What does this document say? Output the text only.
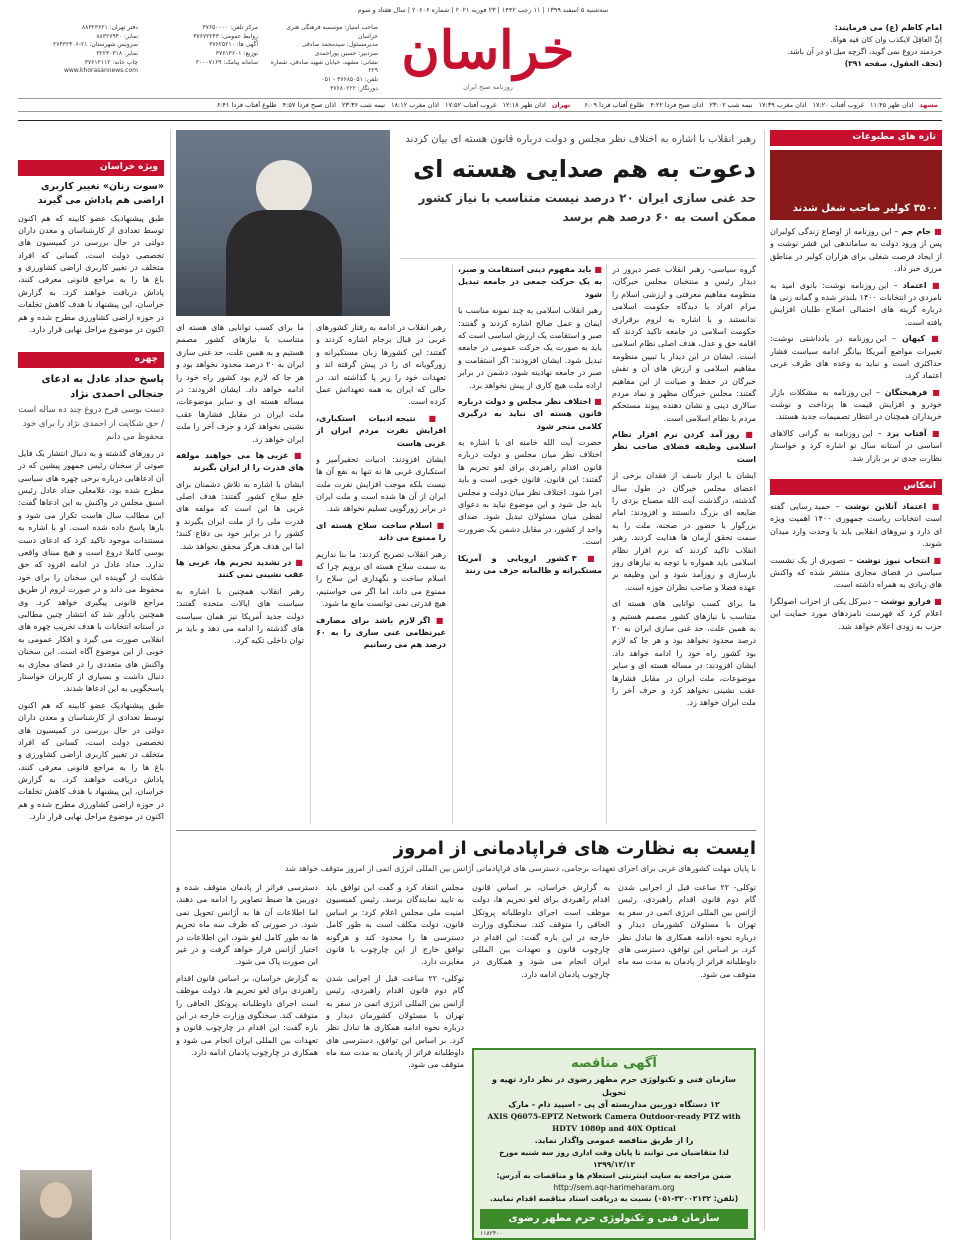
سه‌شنبه ۵ اسفند ۱۳۹۹ | ۱۱ رجب ۱۴۴۲ | ۲۳ فوریه ۲۰۲۱ | شماره ۲۰۶۰۶ | سال هفتاد و سوم
امام کاظم (ع) می فرمایند:
اِنَّ العاقِلَ لایکذب وان کان فیه هواهُ.
خردمند دروغ نمی گوید، اگرچه میل او در آن باشد.
(تحف العقول، صفحه ۳۹۱)
خراسان
روزنامه صبح ایران
صاحب امتیاز: موسسه فرهنگی هنری خراسان
مدیرمسئول: سیدمحمد صادقی
سردبیر: حسین پوراحمدی
نشانی: مشهد، خیابان شهید صادقی، شماره ۲۲۹
تلفن: ۳۷۶۸۵۰۵۱ - ۰۵۱
دورنگار: ۳۷۶۸۰۲۲۲
مرکز تلفن: ۳۷۶۵۰۰۰۰
روابط عمومی: ۳۷۶۷۲۲۴۳
آگهی ها: ۳۷۶۲۵۲۱۰
توزیع: ۳۷۶۱۳۶۰۱
سامانه پیامک: ۳۰۰۰۷۱۶۹
دفتر تهران: ۸۸۳۲۳۶۲۱
نمابر: ۸۸۳۲۷۹۴۰
سرویس شهرستان: ۲۱-۲۷۴۳۲۴۰۶
نمابر: ۳۲۲۳۰۳۱۸
چاپ خانه: ۳۷۶۱۲۱۱۲
www.khorasannews.com
مشهد
اذان ظهر ۱۱:۴۵
غروب آفتاب ۱۷:۲۰
اذان مغرب ۱۷:۳۹
نیمه شب ۲۳:۰۲
اذان صبح فردا ۴:۲۲
طلوع آفتاب فردا ۶:۰۹
تهران
اذان ظهر ۱۲:۱۸
غروب آفتاب ۱۷:۵۲
اذان مغرب ۱۸:۱۲
نیمه شب ۲۳:۳۶
اذان صبح فردا ۴:۵۷
طلوع آفتاب فردا ۶:۴۱
تازه های مطبوعات
۳۵۰۰ کولیر صاحب شغل شدند

■ جام جم – این روزنامه از اوضاع زندگی کولبران پس از ورود دولت به ساماندهی این قشر نوشت و از ایجاد فرصت شغلی برای هزاران کولبر در مناطق مرزی خبر داد.

■ اعتماد – این روزنامه نوشت: بانوی امید به نامزدی در انتخابات ۱۴۰۰ بلندتر شده و گمانه زنی ها درباره گزینه های احتمالی اصلاح طلبان افزایش یافته است.

■ کیهان – این روزنامه در یادداشتی نوشت: تغییرات مواضع آمریکا بیانگر ادامه سیاست فشار حداکثری است و نباید به وعده های طرف غربی اعتماد کرد.

■ فرهیختگان – این روزنامه به مشکلات بازار خودرو و افزایش قیمت ها پرداخت و نوشت خریداران همچنان در انتظار تصمیمات جدید هستند.

■ آفتاب یزد – این روزنامه به گرانی کالاهای اساسی در آستانه سال نو اشاره کرد و خواستار نظارت جدی تر بر بازار شد.

انعکاس

■ اعتماد آنلاین نوشت – حمید رسایی گفته است انتخابات ریاست جمهوری ۱۴۰۰ اهمیت ویژه ای دارد و نیروهای انقلابی باید با وحدت وارد میدان شوند.

■ انتخاب نیوز نوشت – تصویری از یک نشست سیاسی در فضای مجازی منتشر شده که واکنش های زیادی به همراه داشته است.

■ فرارو نوشت – دبیرکل یکی از احزاب اصولگرا اعلام کرد که فهرست نامزدهای مورد حمایت این حزب به زودی اعلام خواهد شد.

رهبر انقلاب با اشاره به اختلاف نظر مجلس و دولت درباره قانون هسته ای بیان کردند
دعوت به هم صدایی هسته ای
حد غنی سازی ایران ۲۰ درصد نیست متناسب با نیاز کشور ممکن است به ۶۰ درصد هم برسد

گروه سیاسی- رهبر انقلاب عصر دیروز در دیدار رئیس و منتخبان مجلس خبرگان، منظومه مفاهیم معرفتی و ارزشی اسلام را مرام افراد با دیدگاه حکومت اسلامی ندانستند و با اشاره به لزوم برقراری حکومت اسلامی در جامعه تاکید کردند که اقامه حق و عدل، هدف اصلی نظام اسلامی است. ایشان در این دیدار با تبیین منظومه مفاهیم اسلامی و ارزش های آن و نقش خبرگان در حفظ و صیانت از این مفاهیم گفتند: مجلس خبرگان مظهر و نماد مردم سالاری دینی و نشان دهنده پیوند مستحکم مردم با نظام اسلامی است.

■ روز آمد کردن نرم افزار نظام اسلامی وظیفه فضلای صاحب نظر است

ایشان با ابراز تاسف از فقدان برخی از اعضای مجلس خبرگان در طول سال گذشته، درگذشت آیت الله مصباح یزدی را ضایعه ای بزرگ دانستند و افزودند: امام بزرگوار با حضور در صحنه، ملت را به سمت تحقق آرمان ها هدایت کردند. رهبر انقلاب تاکید کردند که نرم افزار نظام اسلامی باید همواره با توجه به نیازهای روز بازسازی و روزآمد شود و این وظیفه بر عهده فضلا و صاحب نظران حوزه است.

ما برای کسب توانایی های هسته ای متناسب با نیازهای کشور مصمم هستیم و به همین علت، حد غنی سازی ایران به ۲۰ درصد محدود نخواهد بود و هر جا که لازم بود کشور راه خود را ادامه خواهد داد. ایشان افزودند: در مساله هسته ای و سایر موضوعات، ملت ایران در مقابل فشارها عقب نشینی نخواهد کرد و حرف آخر را ملت ایران خواهد زد.

■ باید مفهوم دینی استقامت و صبر، به یک حرکت جمعی در جامعه تبدیل شود

رهبر انقلاب اسلامی به چند نمونه مناسب با ایمان و عمل صالح اشاره کردند و گفتند: صبر و استقامت یک ارزش اساسی است که باید به صورت یک حرکت عمومی در جامعه تبدیل شود. ایشان افزودند: اگر استقامت و صبر در جامعه نهادینه شود، دشمن در برابر اراده ملت هیچ کاری از پیش نخواهد برد.

■ اختلاف نظر مجلس و دولت درباره قانون هسته ای نباید به درگیری کلامی منجر شود

حضرت آیت الله خامنه ای با اشاره به اختلاف نظر میان مجلس و دولت درباره قانون اقدام راهبردی برای لغو تحریم ها گفتند: این قانون، قانون خوبی است و باید اجرا شود. اختلاف نظر میان دولت و مجلس باید حل شود و این موضوع نباید به دعوای لفظی میان مسئولان تبدیل شود. صدای واحد از کشور، در مقابل دشمن یک ضرورت است.

■ ۳ کشور اروپایی و آمریکا مستکبرانه و ظالمانه حرف می زنند

رهبر انقلاب در ادامه به رفتار کشورهای غربی در قبال برجام اشاره کردند و گفتند: این کشورها زبان مستکبرانه و زورگویانه ای را در پیش گرفته اند و تعهدات خود را زیر پا گذاشته اند، در حالی که ایران به همه تعهداتش عمل کرده است.

■ نتیجه ادبیات استکباری، افزایش نفرت مردم ایران از غربی هاست

ایشان افزودند: ادبیات تحقیرآمیز و استکباری غربی ها نه تنها به نفع آن ها نیست بلکه موجب افزایش نفرت ملت ایران از آن ها شده است و ملت ایران در برابر زورگویی تسلیم نخواهد شد.

■ اسلام ساخت سلاح هسته ای را ممنوع می داند

رهبر انقلاب تصریح کردند: ما بنا نداریم به سمت سلاح هسته ای برویم چرا که اسلام ساخت و نگهداری این سلاح را ممنوع می داند، اما اگر می خواستیم، هیچ قدرتی نمی توانست مانع ما شود.

■ اگر لازم باشد برای مصارف غیرنظامی غنی سازی را به ۶۰ درصد هم می رسانیم

ما برای کسب توانایی های هسته ای متناسب با نیازهای کشور مصمم هستیم و به همین علت، حد غنی سازی ایران به ۲۰ درصد محدود نخواهد بود و هر جا که لازم بود کشور راه خود را ادامه خواهد داد. ایشان افزودند: در مساله هسته ای و سایر موضوعات، ملت ایران در مقابل فشارها عقب نشینی نخواهد کرد و حرف آخر را ملت ایران خواهد زد.

■ غربی ها می خواهند مولفه های قدرت را از ایران بگیرند

ایشان با اشاره به تلاش دشمنان برای خلع سلاح کشور گفتند: هدف اصلی غربی ها این است که مولفه های قدرت ملی را از ملت ایران بگیرند و کشور را در برابر خود بی دفاع کنند؛ اما این هدف هرگز محقق نخواهد شد.

■ در تشدید تحریم ها، غربی ها عقب نشینی نمی کنند

رهبر انقلاب همچنین با اشاره به سیاست های ایالات متحده گفتند: دولت جدید آمریکا نیز همان سیاست های گذشته را ادامه می دهد و باید بر توان داخلی تکیه کرد.

ایست به نظارت های فراپادمانی از امروز
با پایان مهلت کشورهای غربی برای اجرای تعهدات برجامی، دسترسی های فراپادمانی آژانس بین المللی انرژی اتمی از امروز متوقف خواهد شد

توکلی- ۲۲ ساعت قبل از اجرایی شدن گام دوم قانون اقدام راهبردی، رئیس آژانس بین المللی انرژی اتمی در سفر به تهران با مسئولان کشورمان دیدار و درباره نحوه ادامه همکاری ها تبادل نظر کرد. بر اساس این توافق، دسترسی های داوطلبانه فراتر از پادمان به مدت سه ماه متوقف می شود.

به گزارش خراسان، بر اساس قانون اقدام راهبردی برای لغو تحریم ها، دولت موظف است اجرای داوطلبانه پروتکل الحاقی را متوقف کند. سخنگوی وزارت خارجه در این باره گفت: این اقدام در چارچوب قانون و تعهدات بین المللی ایران انجام می شود و همکاری در چارچوب پادمان ادامه دارد.

مجلس انتقاد کرد و گفت این توافق باید به تایید نمایندگان برسد. رئیس کمیسیون امنیت ملی مجلس اعلام کرد: بر اساس قانون، دولت مکلف است به طور کامل دسترسی ها را محدود کند و هرگونه توافق خارج از این چارچوب با قانون مغایرت دارد.

توکلی- ۲۲ ساعت قبل از اجرایی شدن گام دوم قانون اقدام راهبردی، رئیس آژانس بین المللی انرژی اتمی در سفر به تهران با مسئولان کشورمان دیدار و درباره نحوه ادامه همکاری ها تبادل نظر کرد. بر اساس این توافق، دسترسی های داوطلبانه فراتر از پادمان به مدت سه ماه متوقف می شود.

دسترسی فراتر از پادمان متوقف شده و دوربین ها ضبط تصاویر را ادامه می دهند، اما اطلاعات آن ها به آژانس تحویل نمی شود. در صورتی که ظرف سه ماه تحریم ها به طور کامل لغو شود، این اطلاعات در اختیار آژانس قرار خواهد گرفت و در غیر این صورت پاک می شود.

به گزارش خراسان، بر اساس قانون اقدام راهبردی برای لغو تحریم ها، دولت موظف است اجرای داوطلبانه پروتکل الحاقی را متوقف کند. سخنگوی وزارت خارجه در این باره گفت: این اقدام در چارچوب قانون و تعهدات بین المللی ایران انجام می شود و همکاری در چارچوب پادمان ادامه دارد.

آگهی مناقصه
سازمان فنی و تکنولوژی حرم مطهر رضوی در نظر دارد تهیه و تحویل
۱۲ دستگاه دوربین مداربسته آی پی - اسپید دام - مارک
AXIS Q6075-EPTZ Network Camera Outdoor-ready PTZ with
HDTV 1080p and 40X Optical
را از طریق مناقصه عمومی واگذار نماید.
لذا متقاضیان می توانند تا پایان وقت اداری روز سه شنبه مورخ ۱۳۹۹/۱۲/۱۲
ضمن مراجعه به سایت اینترنتی استعلام ها و مناقصات به آدرس:
http://sem.aqr-harimeharam.org
(تلفن: ۳۲۰۰۲۱۳۲-۰۵۱) نسبت به دریافت اسناد مناقصه اقدام نمایند.
سازمان فنی و تکنولوژی حرم مطهر رضوی
۱۱۸۲۴۰۰
ویژه خراسان
«سوت زنان» تغییر کاربری اراضی هم پاداش می گیرند
طبق پیشنهادیک عضو کابینه که هم اکنون توسط تعدادی از کارشناسان و معدن داران دولتی در حال بررسی در کمیسیون های تخصصی دولت است، کسانی که افراد متخلف در تغییر کاربری اراضی کشاورزی و باغ ها را به مراجع قانونی معرفی کنند، پاداش دریافت خواهند کرد. به گزارش خراسان، این پیشنهاد با هدف کاهش تخلفات در حوزه اراضی کشاورزی مطرح شده و هم اکنون در موضوع مراحل نهایی قرار دارد.
چهره
پاسخ حداد عادل به ادعای جنجالی احمدی نژاد
دست بوسی فرح دروغ چند ده ساله است / حق شکایت از احمدی نژاد را برای خود محفوظ می دانم
در روزهای گذشته و به دنبال انتشار یک فایل صوتی از سخنان رئیس جمهور پیشین که در آن ادعاهایی درباره برخی چهره های سیاسی مطرح شده بود، غلامعلی حداد عادل رئیس اسبق مجلس در واکنش به این ادعاها گفت: این مطالب سال هاست تکرار می شود و بارها پاسخ داده شده است. او با اشاره به مستندات موجود تاکید کرد که ادعای دست بوسی کاملا دروغ است و هیچ مبنای واقعی ندارد. حداد عادل در ادامه افزود که حق شکایت از گوینده این سخنان را برای خود محفوظ می داند و در صورت لزوم از طریق مراجع قانونی پیگیری خواهد کرد. وی همچنین یادآور شد که انتشار چنین مطالبی در آستانه انتخابات با هدف تخریب چهره های انقلابی صورت می گیرد و افکار عمومی به خوبی از این موضوع آگاه است. این سخنان واکنش های متعددی را در فضای مجازی به دنبال داشت و بسیاری از کاربران خواستار پاسخگویی به این ادعاها شدند.
طبق پیشنهادیک عضو کابینه که هم اکنون توسط تعدادی از کارشناسان و معدن داران دولتی در حال بررسی در کمیسیون های تخصصی دولت است، کسانی که افراد متخلف در تغییر کاربری اراضی کشاورزی و باغ ها را به مراجع قانونی معرفی کنند، پاداش دریافت خواهند کرد. به گزارش خراسان، این پیشنهاد با هدف کاهش تخلفات در حوزه اراضی کشاورزی مطرح شده و هم اکنون در موضوع مراحل نهایی قرار دارد.
